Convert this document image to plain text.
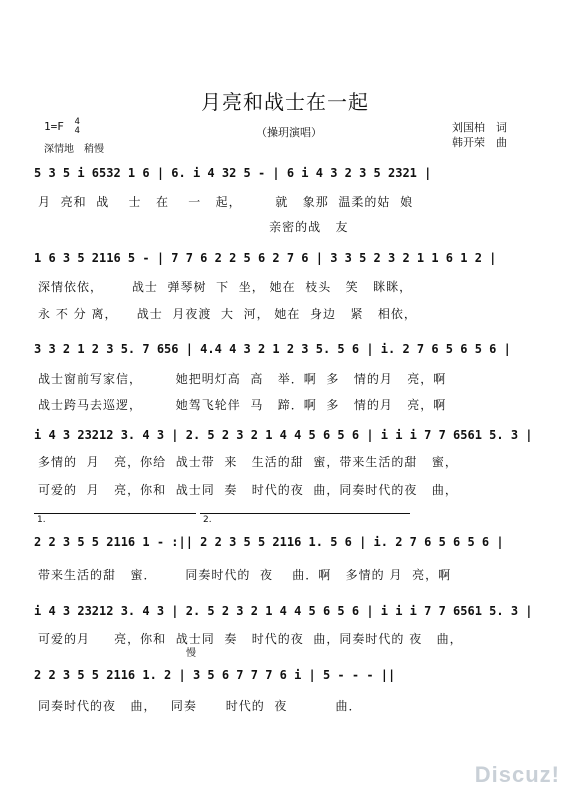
月亮和战士在一起
1=F 4
4
深情地　稍慢
（操玥演唱）	刘国柏　词
韩开荣　曲
5 3 5 i 6532 1 6 | 6. i 4 32 5 - | 6 i 4 3 2 3 5 2321 |
月  亮和  战    士   在    一   起，       就   象那  温柔的姑  娘
亲密的战   友
1 6 3 5 2116 5 - | 7 7 6 2 2 5 6 2 7 6 | 3 3 5 2 3 2 1 1 6 1 2 |
深情依依，      战士  弹琴树  下  坐， 她在  枝头   笑   眯眯，
永 不 分 离，    战士  月夜渡  大  河， 她在  身边   紧   相依，
3 3 2 1 2 3 5. 7 656 | 4.4 4 3 2 1 2 3 5. 5 6 | i. 2 7 6 5 6 5 6 |
战士窗前写家信，       她把明灯高  高   举．啊  多   情的月   亮，啊
战士跨马去巡逻，       她驾飞轮伴  马   蹄．啊  多   情的月   亮，啊
i 4 3 23212 3. 4 3 | 2. 5 2 3 2 1 4 4 5 6 5 6 | i i i 7 7 6561 5. 3 |
多情的  月   亮，你给  战士带  来   生活的甜  蜜，带来生活的甜   蜜，
可爱的  月   亮，你和  战士同  奏   时代的夜  曲，同奏时代的夜   曲，
1.	2.
2 2 3 5 5 2116 1 - :|| 2 2 3 5 5 2116 1. 5 6 | i. 2 7 6 5 6 5 6 |
带来生活的甜   蜜．      同奏时代的  夜    曲．啊   多情的 月  亮，啊
i 4 3 23212 3. 4 3 | 2. 5 2 3 2 1 4 4 5 6 5 6 | i i i 7 7 6561 5. 3 |
可爱的月     亮，你和  战士同  奏   时代的夜  曲，同奏时代的 夜   曲，
慢
2 2 3 5 5 2116 1. 2 | 3 5 6 7 7 7 6 i | 5 - - - ||
同奏时代的夜   曲，   同奏      时代的  夜          曲．
Discuz!
